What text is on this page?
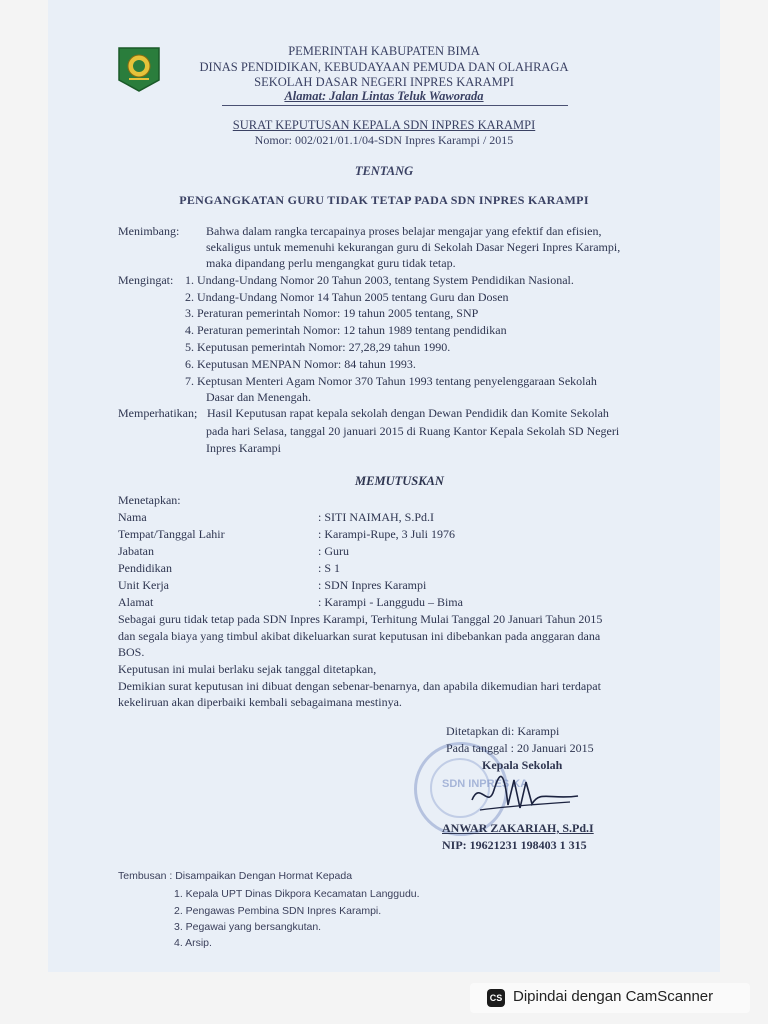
PEMERINTAH KABUPATEN BIMA
DINAS PENDIDIKAN, KEBUDAYAAN PEMUDA DAN OLAHRAGA
SEKOLAH DASAR NEGERI INPRES KARAMPI
Alamat: Jalan Lintas Teluk Waworada
SURAT KEPUTUSAN KEPALA SDN INPRES KARAMPI
Nomor: 002/021/01.1/04-SDN Inpres Karampi / 2015
TENTANG
PENGANGKATAN GURU TIDAK TETAP PADA SDN INPRES KARAMPI
Menimbang: Bahwa dalam rangka tercapainya proses belajar mengajar yang efektif dan efisien,
sekaligus untuk memenuhi kekurangan guru di Sekolah Dasar Negeri Inpres Karampi,
maka dipandang perlu mengangkat guru tidak tetap.
Mengingat: 1. Undang-Undang Nomor 20 Tahun 2003, tentang System Pendidikan Nasional.
2. Undang-Undang Nomor 14 Tahun 2005 tentang Guru dan Dosen
3. Peraturan pemerintah Nomor: 19 tahun 2005 tentang, SNP
4. Peraturan pemerintah Nomor: 12 tahun 1989 tentang pendidikan
5. Keputusan pemerintah Nomor: 27,28,29 tahun 1990.
6. Keputusan MENPAN Nomor: 84 tahun 1993.
7. Keptusan Menteri Agam Nomor 370 Tahun 1993 tentang penyelenggaraan Sekolah
Dasar dan Menengah.
Memperhatikan; Hasil Keputusan rapat kepala sekolah dengan Dewan Pendidik dan Komite Sekolah
pada hari Selasa, tanggal 20 januari 2015 di Ruang Kantor Kepala Sekolah SD Negeri
Inpres Karampi
MEMUTUSKAN
Menetapkan:
Nama	: SITI NAIMAH, S.Pd.I
Tempat/Tanggal Lahir	: Karampi-Rupe, 3 Juli 1976
Jabatan	: Guru
Pendidikan	: S 1
Unit Kerja	: SDN Inpres Karampi
Alamat	: Karampi - Langgudu – Bima
Sebagai guru tidak tetap pada SDN Inpres Karampi, Terhitung Mulai Tanggal 20 Januari Tahun 2015
dan segala biaya yang timbul akibat dikeluarkan surat keputusan ini dibebankan pada anggaran dana
BOS.
Keputusan ini mulai berlaku sejak tanggal ditetapkan,
Demikian surat keputusan ini dibuat dengan sebenar-benarnya, dan apabila dikemudian hari terdapat
kekeliruan akan diperbaiki kembali sebagaimana mestinya.
SDN INPRES KA
Ditetapkan di: Karampi
Pada tanggal : 20 Januari 2015
Kepala Sekolah
ANWAR ZAKARIAH, S.Pd.I
NIP: 19621231 198403 1 315
Tembusan : Disampaikan Dengan Hormat Kepada
1. Kepala UPT Dinas Dikpora Kecamatan Langgudu.
2. Pengawas Pembina SDN Inpres Karampi.
3. Pegawai yang bersangkutan.
4. Arsip.
CS Dipindai dengan CamScanner
